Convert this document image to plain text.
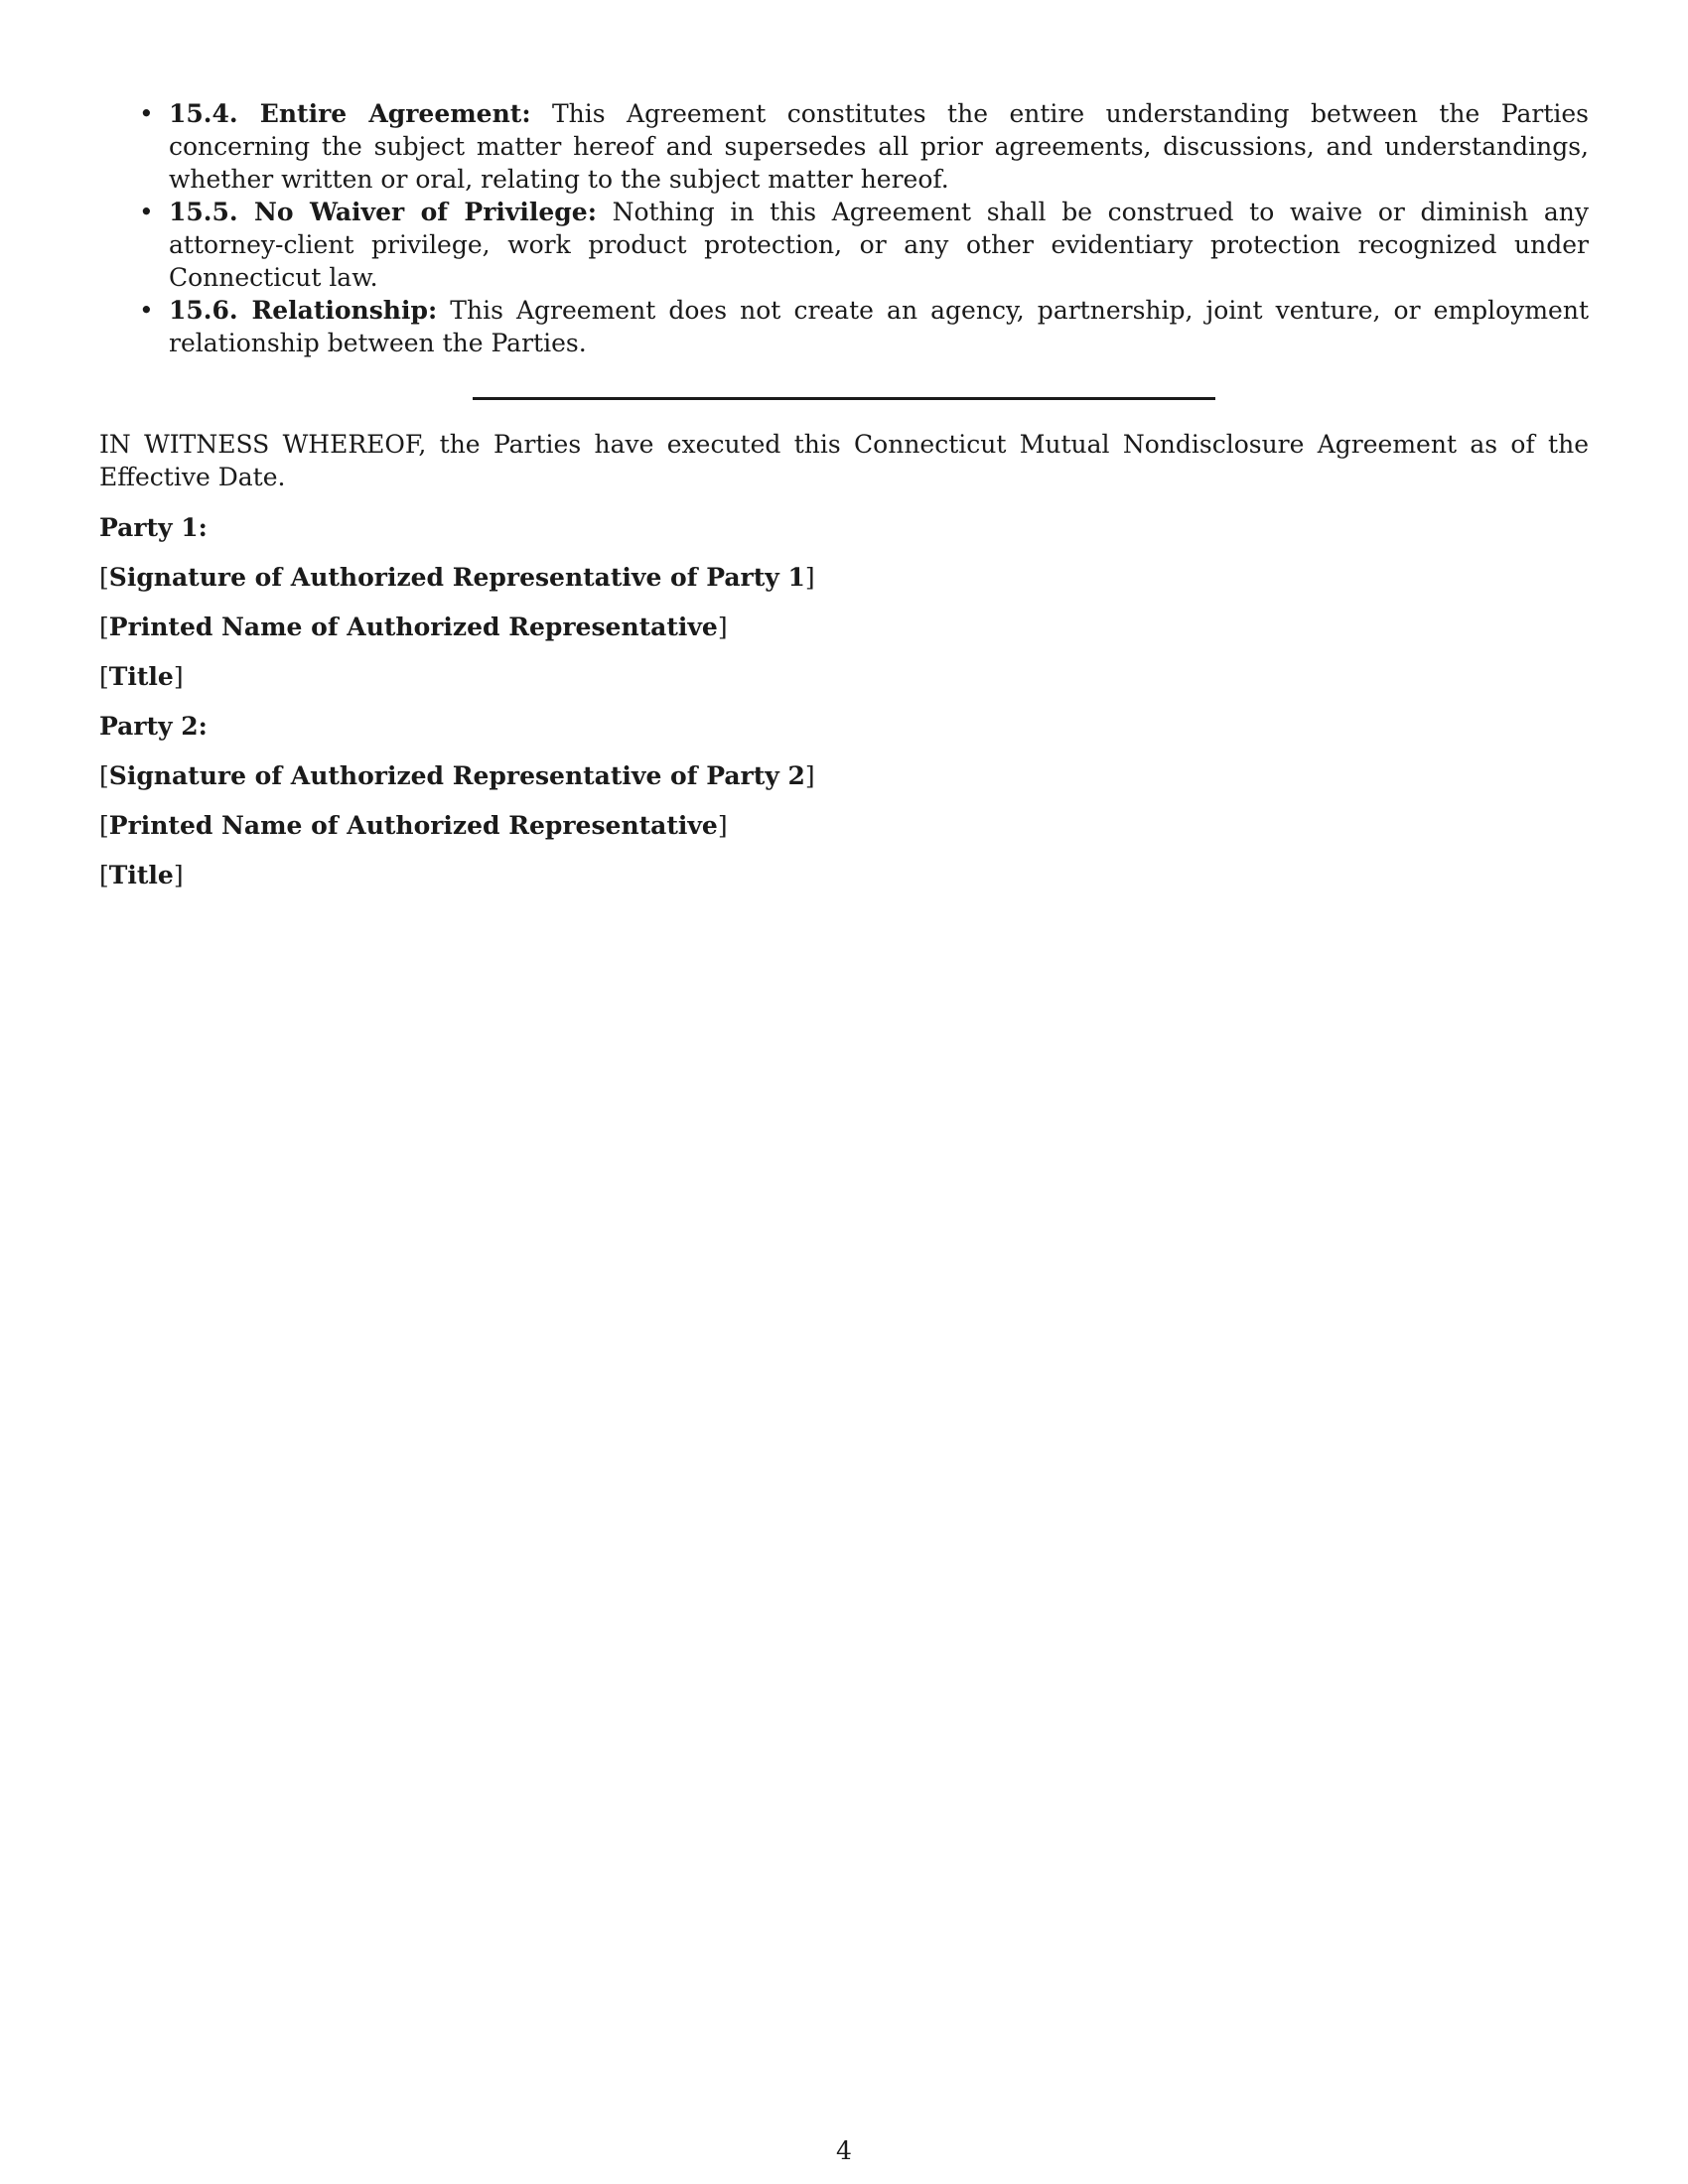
• 15.4. Entire Agreement: This Agreement constitutes the entire understanding between the Parties concerning the subject matter hereof and supersedes all prior agreements, discussions, and understandings, whether written or oral, relating to the subject matter hereof.
• 15.5. No Waiver of Privilege: Nothing in this Agreement shall be construed to waive or diminish any attorney-client privilege, work product protection, or any other evidentiary protection recognized under Connecticut law.
• 15.6. Relationship: This Agreement does not create an agency, partnership, joint venture, or employment relationship between the Parties.

IN WITNESS WHEREOF, the Parties have executed this Connecticut Mutual Nondisclosure Agreement as of the Effective Date.

Party 1:

[Signature of Authorized Representative of Party 1]

[Printed Name of Authorized Representative]

[Title]

Party 2:

[Signature of Authorized Representative of Party 2]

[Printed Name of Authorized Representative]

[Title]

4
